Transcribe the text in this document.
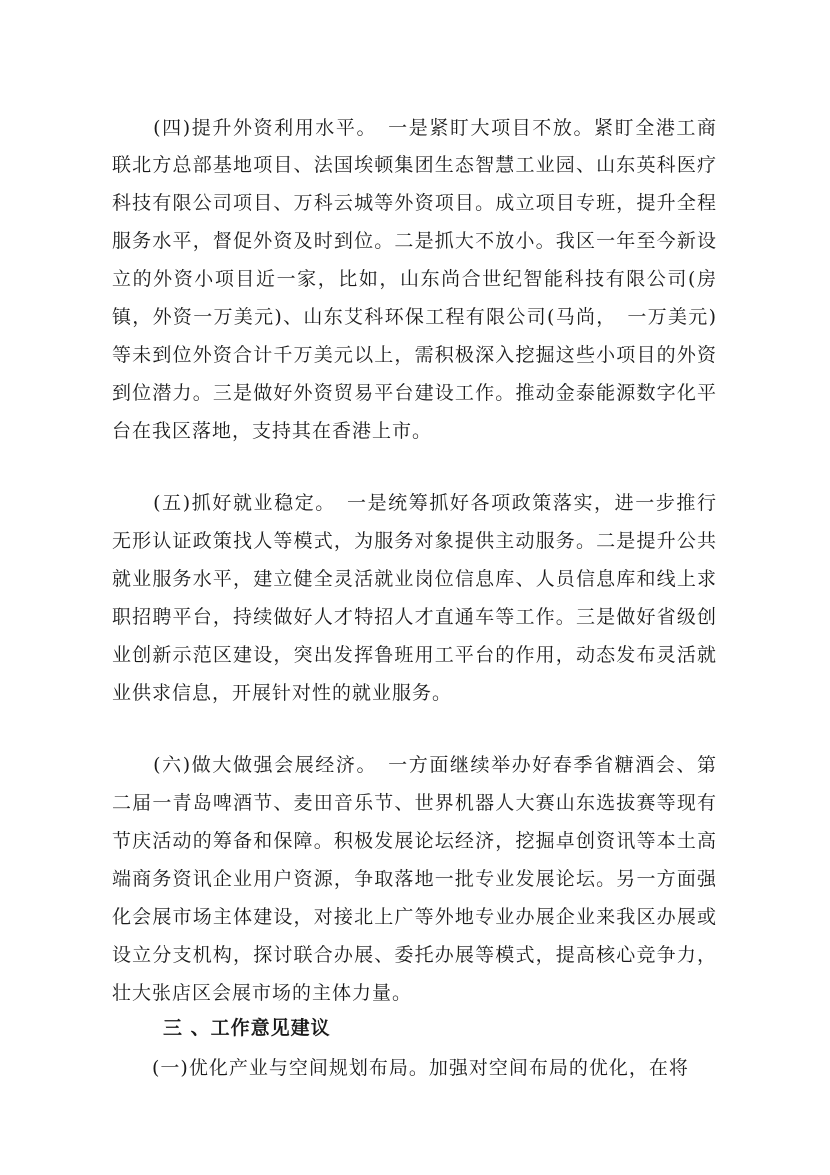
　　(四)提升外资利用水平。　一是紧盯大项目不放。紧盯全港工商
联北方总部基地项目、法国埃顿集团生态智慧工业园、山东英科医疗
科技有限公司项目、万科云城等外资项目。成立项目专班，提升全程
服务水平，督促外资及时到位。二是抓大不放小。我区一年至今新设
立的外资小项目近一家，比如，山东尚合世纪智能科技有限公司(房
镇，外资一万美元)、山东艾科环保工程有限公司(马尚，　一万美元)
等未到位外资合计千万美元以上，需积极深入挖掘这些小项目的外资
到位潜力。三是做好外资贸易平台建设工作。推动金泰能源数字化平
台在我区落地，支持其在香港上市。
　　(五)抓好就业稳定。　一是统筹抓好各项政策落实，进一步推行
无形认证政策找人等模式，为服务对象提供主动服务。二是提升公共
就业服务水平，建立健全灵活就业岗位信息库、人员信息库和线上求
职招聘平台，持续做好人才特招人才直通车等工作。三是做好省级创
业创新示范区建设，突出发挥鲁班用工平台的作用，动态发布灵活就
业供求信息，开展针对性的就业服务。
　　(六)做大做强会展经济。　一方面继续举办好春季省糖酒会、第
二届一青岛啤酒节、麦田音乐节、世界机器人大赛山东选拔赛等现有
节庆活动的筹备和保障。积极发展论坛经济，挖掘卓创资讯等本土高
端商务资讯企业用户资源，争取落地一批专业发展论坛。另一方面强
化会展市场主体建设，对接北上广等外地专业办展企业来我区办展或
设立分支机构，探讨联合办展、委托办展等模式，提高核心竞争力，
壮大张店区会展市场的主体力量。
三 、工作意见建议
　　(一)优化产业与空间规划布局。加强对空间布局的优化，在将
